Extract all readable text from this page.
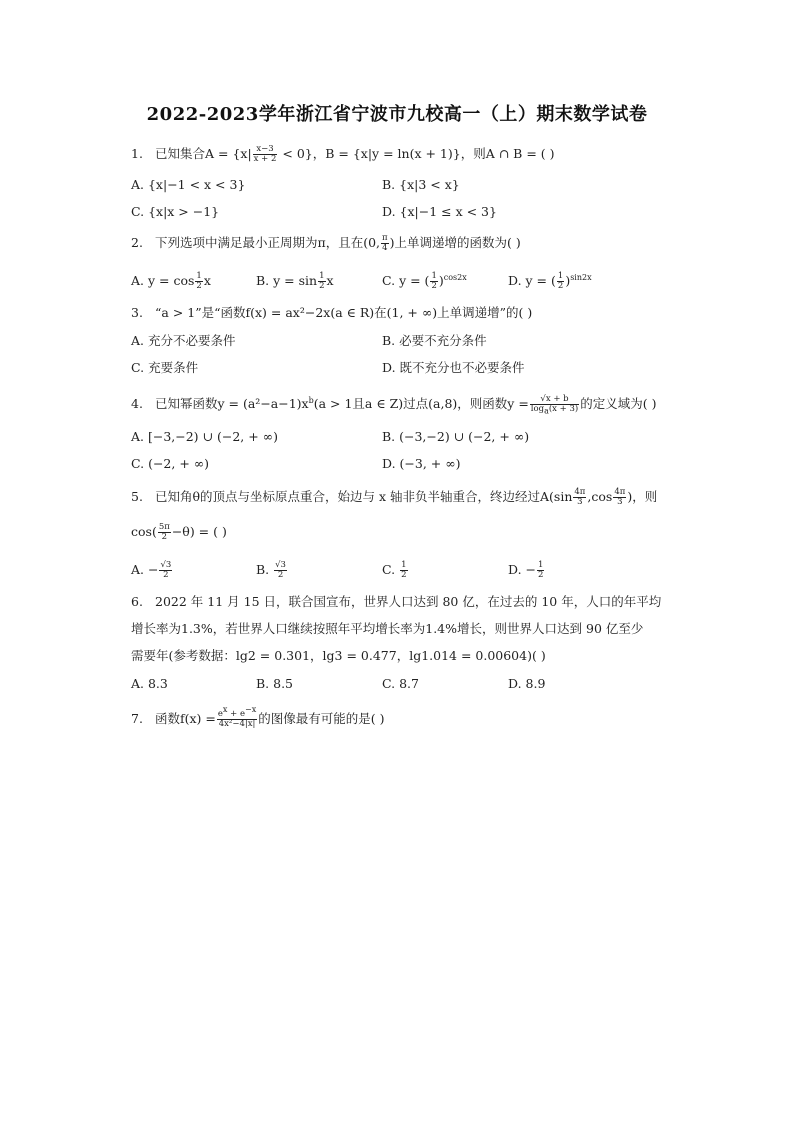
2022-2023学年浙江省宁波市九校高一（上）期末数学试卷
1. 已知集合$A = \{x| \frac{x-3}{x + 2} < 0\}$，B = {x|y = ln(x + 1)}，则A ∩ B = ( )
A. {x|−1 < x < 3}	B. {x|3 < x}
C. {x|x > −1}	D. {x|−1 ≤ x < 3}
2. 下列选项中满足最小正周期为π，且在(0, $\frac{\pi}{4}$ )上单调递增的函数为( )
A. $y = \cos \frac{1}{2}$ x	B. $y = \sin \frac{1}{2}$ x	C. y = ( $\frac{1}{2} )^{cos2x}$	D. y = ( $\frac{1}{2} )^{sin2x}$
3. “a > 1”是“函数f(x) = ax²−2x(a ∈ R)在(1, + ∞)上单调递增”的( )
A. 充分不必要条件	B. 必要不充分条件
C. 充要条件	D. 既不充分也不必要条件
4. 已知幂函数$y = (a^2-a-1)x^b(a > 1$且a ∈ Z)过点(a,8)，则函数$y = \frac{√x + b}{\log_a(x + 3)}$ 的定义域为( )
A. [−3,−2) ∪ (−2, + ∞)	B. (−3,−2) ∪ (−2, + ∞)
C. (−2, + ∞)	D. (−3, + ∞)
5. 已知角θ的顶点与坐标原点重合，始边与 x 轴非负半轴重合，终边经过$A(\sin \frac{4\pi}{3} ,\cos \frac{4\pi}{3}$ )，则
$\cos( \frac{5\pi}{2} -\theta)$ = ( )
A. − $\frac{√3}{2}$	B. $\frac{√3}{2}$	C. $\frac{1}{2}$	D. − $\frac{1}{2}$
6. 2022 年 11 月 15 日，联合国宣布，世界人口达到 80 亿，在过去的 10 年，人口的年平均
增长率为1.3%，若世界人口继续按照年平均增长率为1.4%增长，则世界人口达到 90 亿至少
需要年(参考数据：lg2 = 0.301，lg3 = 0.477，lg1.014 = 0.00604)( )
A. 8.3	B. 8.5	C. 8.7	D. 8.9
7. 函数$f(x) = \frac{e^x + e^{-x}}{\text{4x²−4|x|}}$ 的图像最有可能的是( )
